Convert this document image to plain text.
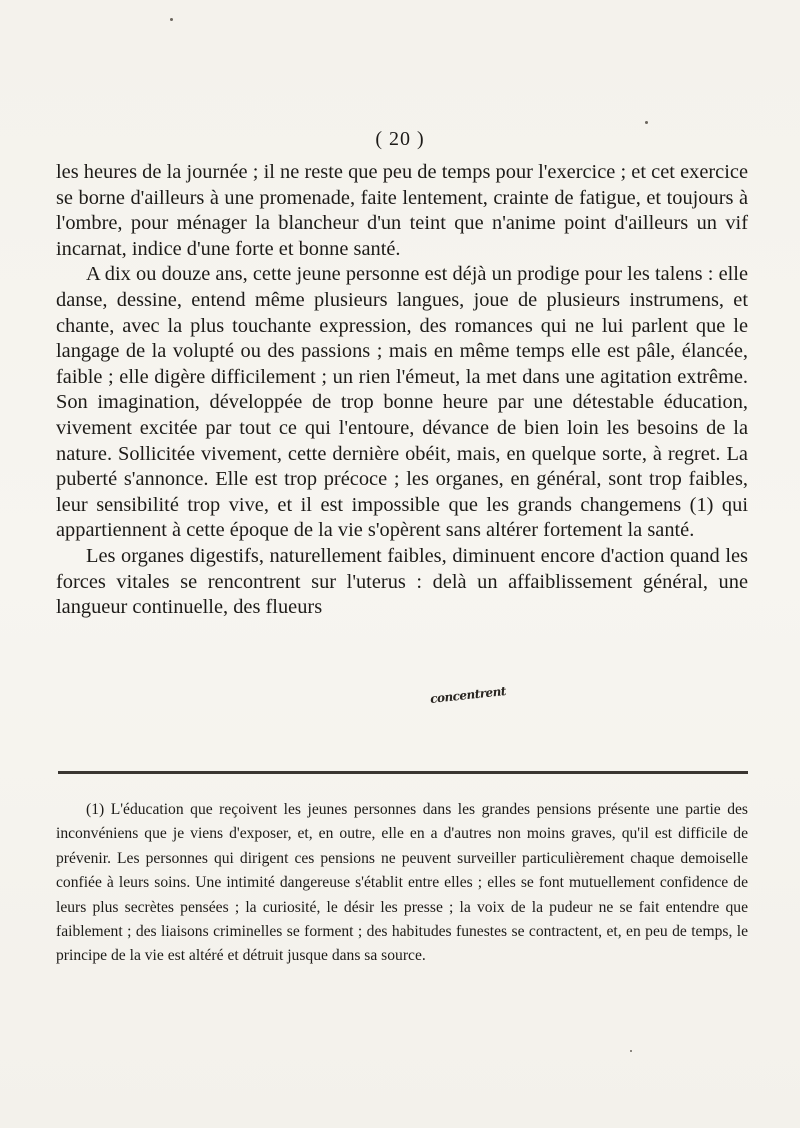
( 20 )

les heures de la journée ; il ne reste que peu de temps pour l'exercice ; et cet exercice se borne d'ailleurs à une promenade, faite lentement, crainte de fatigue, et toujours à l'ombre, pour ménager la blancheur d'un teint que n'anime point d'ailleurs un vif incarnat, indice d'une forte et bonne santé.

A dix ou douze ans, cette jeune personne est déjà un prodige pour les talens : elle danse, dessine, entend même plusieurs langues, joue de plusieurs instrumens, et chante, avec la plus touchante expression, des romances qui ne lui parlent que le langage de la volupté ou des passions ; mais en même temps elle est pâle, élancée, faible ; elle digère difficilement ; un rien l'émeut, la met dans une agitation extrême. Son imagination, développée de trop bonne heure par une détestable éducation, vivement excitée par tout ce qui l'entoure, dévance de bien loin les besoins de la nature. Sollicitée vivement, cette dernière obéit, mais, en quelque sorte, à regret. La puberté s'annonce. Elle est trop précoce ; les organes, en général, sont trop faibles, leur sensibilité trop vive, et il est impossible que les grands changemens (1) qui appartiennent à cette époque de la vie s'opèrent sans altérer fortement la santé.

Les organes digestifs, naturellement faibles, diminuent encore d'action quand les forces vitales se rencontrent sur l'uterus : delà un affaiblissement général, une langueur continuelle, des flueurs

concentrent

(1) L'éducation que reçoivent les jeunes personnes dans les grandes pensions présente une partie des inconvéniens que je viens d'exposer, et, en outre, elle en a d'autres non moins graves, qu'il est difficile de prévenir. Les personnes qui dirigent ces pensions ne peuvent surveiller particulièrement chaque demoiselle confiée à leurs soins. Une intimité dangereuse s'établit entre elles ; elles se font mutuellement confidence de leurs plus secrètes pensées ; la curiosité, le désir les presse ; la voix de la pudeur ne se fait entendre que faiblement ; des liaisons criminelles se forment ; des habitudes funestes se contractent, et, en peu de temps, le principe de la vie est altéré et détruit jusque dans sa source.
